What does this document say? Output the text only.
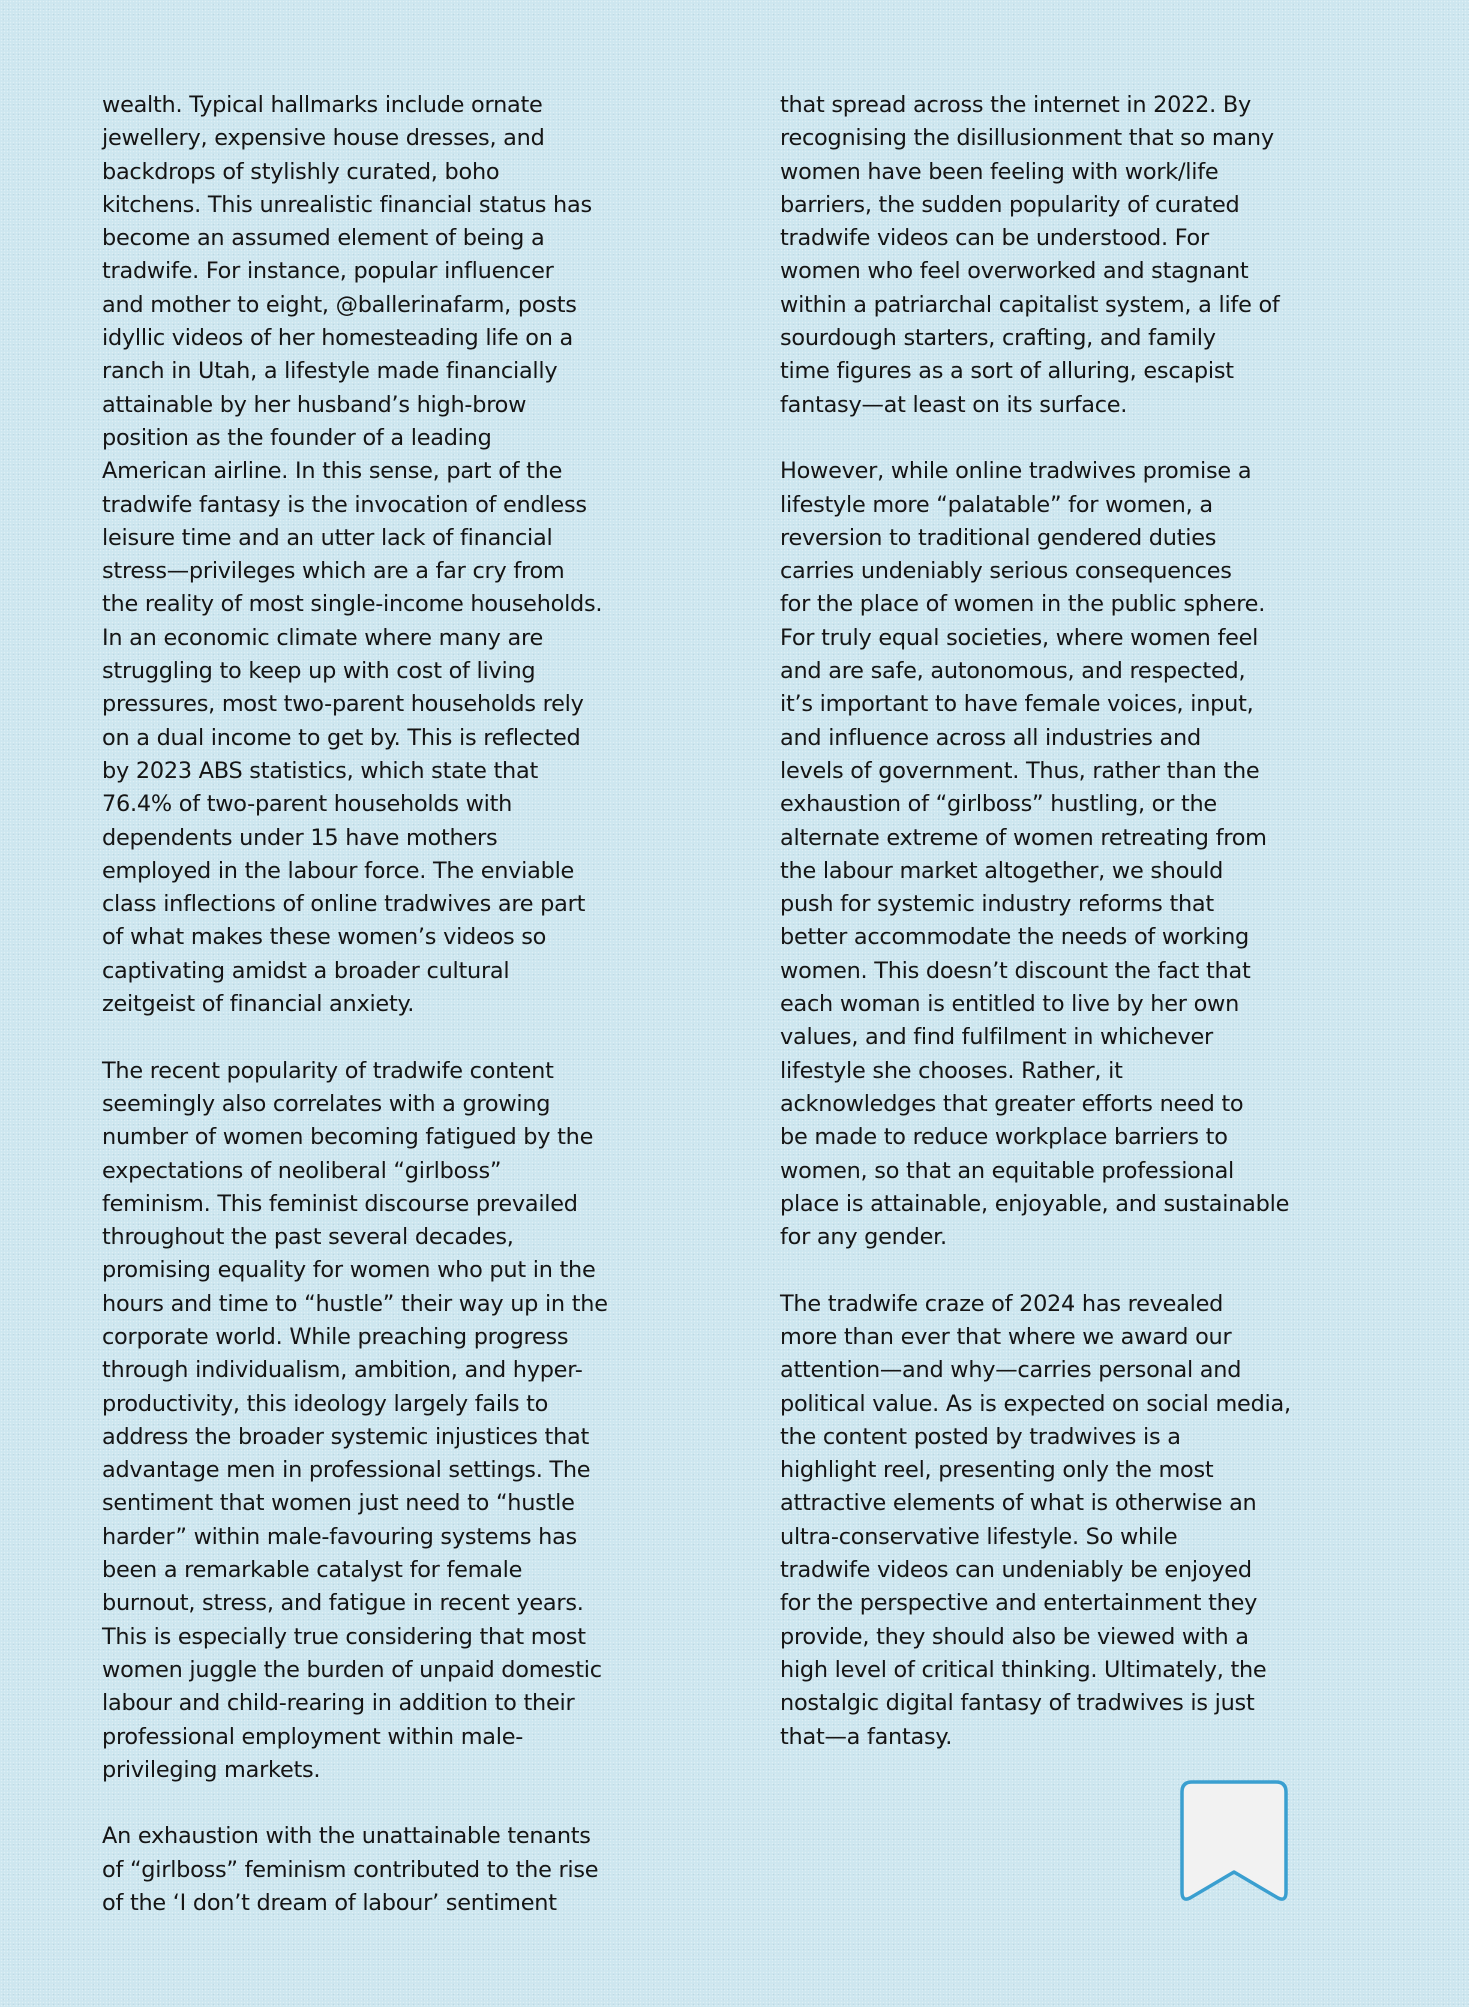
wealth. Typical hallmarks include ornate
jewellery, expensive house dresses, and
backdrops of stylishly curated, boho
kitchens. This unrealistic financial status has
become an assumed element of being a
tradwife. For instance, popular influencer
and mother to eight, @ballerinafarm, posts
idyllic videos of her homesteading life on a
ranch in Utah, a lifestyle made financially
attainable by her husband’s high-brow
position as the founder of a leading
American airline. In this sense, part of the
tradwife fantasy is the invocation of endless
leisure time and an utter lack of financial
stress—privileges which are a far cry from
the reality of most single-income households.
In an economic climate where many are
struggling to keep up with cost of living
pressures, most two-parent households rely
on a dual income to get by. This is reflected
by 2023 ABS statistics, which state that
76.4% of two-parent households with
dependents under 15 have mothers
employed in the labour force. The enviable
class inflections of online tradwives are part
of what makes these women’s videos so
captivating amidst a broader cultural
zeitgeist of financial anxiety.

The recent popularity of tradwife content
seemingly also correlates with a growing
number of women becoming fatigued by the
expectations of neoliberal “girlboss”
feminism. This feminist discourse prevailed
throughout the past several decades,
promising equality for women who put in the
hours and time to “hustle” their way up in the
corporate world. While preaching progress
through individualism, ambition, and hyper-
productivity, this ideology largely fails to
address the broader systemic injustices that
advantage men in professional settings. The
sentiment that women just need to “hustle
harder” within male-favouring systems has
been a remarkable catalyst for female
burnout, stress, and fatigue in recent years.
This is especially true considering that most
women juggle the burden of unpaid domestic
labour and child-rearing in addition to their
professional employment within male-
privileging markets.

An exhaustion with the unattainable tenants
of “girlboss” feminism contributed to the rise
of the ‘I don’t dream of labour’ sentiment

that spread across the internet in 2022. By
recognising the disillusionment that so many
women have been feeling with work/life
barriers, the sudden popularity of curated
tradwife videos can be understood. For
women who feel overworked and stagnant
within a patriarchal capitalist system, a life of
sourdough starters, crafting, and family
time figures as a sort of alluring, escapist
fantasy—at least on its surface.

However, while online tradwives promise a
lifestyle more “palatable” for women, a
reversion to traditional gendered duties
carries undeniably serious consequences
for the place of women in the public sphere.
For truly equal societies, where women feel
and are safe, autonomous, and respected,
it’s important to have female voices, input,
and influence across all industries and
levels of government. Thus, rather than the
exhaustion of “girlboss” hustling, or the
alternate extreme of women retreating from
the labour market altogether, we should
push for systemic industry reforms that
better accommodate the needs of working
women. This doesn’t discount the fact that
each woman is entitled to live by her own
values, and find fulfilment in whichever
lifestyle she chooses. Rather, it
acknowledges that greater efforts need to
be made to reduce workplace barriers to
women, so that an equitable professional
place is attainable, enjoyable, and sustainable
for any gender.

The tradwife craze of 2024 has revealed
more than ever that where we award our
attention—and why—carries personal and
political value. As is expected on social media,
the content posted by tradwives is a
highlight reel, presenting only the most
attractive elements of what is otherwise an
ultra-conservative lifestyle. So while
tradwife videos can undeniably be enjoyed
for the perspective and entertainment they
provide, they should also be viewed with a
high level of critical thinking. Ultimately, the
nostalgic digital fantasy of tradwives is just
that—a fantasy.
